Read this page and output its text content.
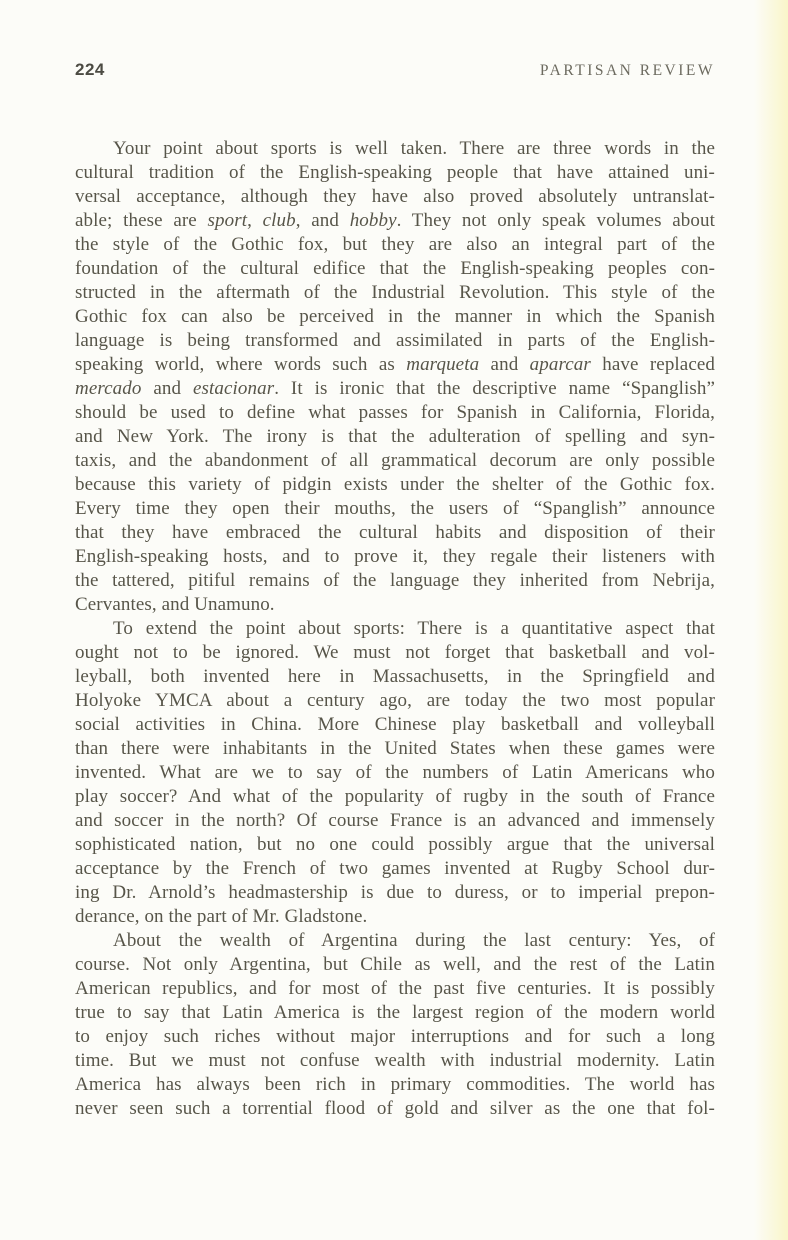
224	PARTISAN REVIEW
Your point about sports is well taken. There are three words in the
cultural tradition of the English-speaking people that have attained uni-
versal acceptance, although they have also proved absolutely untranslat-
able; these are sport, club, and hobby. They not only speak volumes about
the style of the Gothic fox, but they are also an integral part of the
foundation of the cultural edifice that the English-speaking peoples con-
structed in the aftermath of the Industrial Revolution. This style of the
Gothic fox can also be perceived in the manner in which the Spanish
language is being transformed and assimilated in parts of the English-
speaking world, where words such as marqueta and aparcar have replaced
mercado and estacionar. It is ironic that the descriptive name “Spanglish”
should be used to define what passes for Spanish in California, Florida,
and New York. The irony is that the adulteration of spelling and syn-
taxis, and the abandonment of all grammatical decorum are only possible
because this variety of pidgin exists under the shelter of the Gothic fox.
Every time they open their mouths, the users of “Spanglish” announce
that they have embraced the cultural habits and disposition of their
English-speaking hosts, and to prove it, they regale their listeners with
the tattered, pitiful remains of the language they inherited from Nebrija,
Cervantes, and Unamuno.
To extend the point about sports: There is a quantitative aspect that
ought not to be ignored. We must not forget that basketball and vol-
leyball, both invented here in Massachusetts, in the Springfield and
Holyoke YMCA about a century ago, are today the two most popular
social activities in China. More Chinese play basketball and volleyball
than there were inhabitants in the United States when these games were
invented. What are we to say of the numbers of Latin Americans who
play soccer? And what of the popularity of rugby in the south of France
and soccer in the north? Of course France is an advanced and immensely
sophisticated nation, but no one could possibly argue that the universal
acceptance by the French of two games invented at Rugby School dur-
ing Dr. Arnold’s headmastership is due to duress, or to imperial prepon-
derance, on the part of Mr. Gladstone.
About the wealth of Argentina during the last century: Yes, of
course. Not only Argentina, but Chile as well, and the rest of the Latin
American republics, and for most of the past five centuries. It is possibly
true to say that Latin America is the largest region of the modern world
to enjoy such riches without major interruptions and for such a long
time. But we must not confuse wealth with industrial modernity. Latin
America has always been rich in primary commodities. The world has
never seen such a torrential flood of gold and silver as the one that fol-
